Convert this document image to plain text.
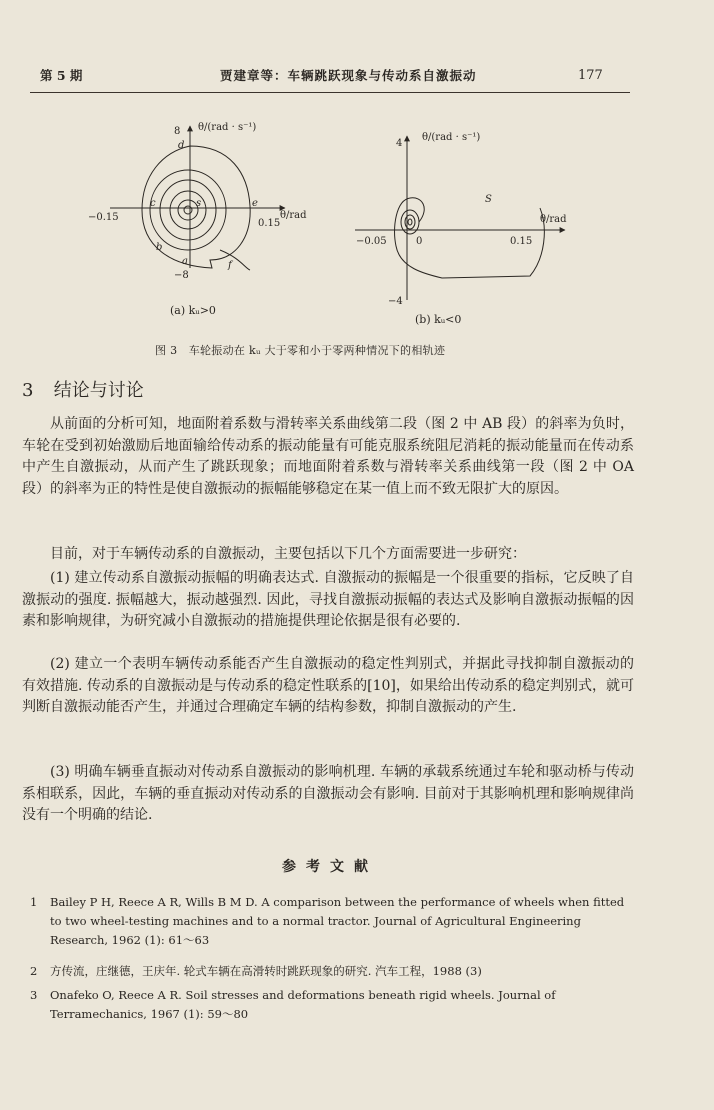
第 5 期	贾建章等：车辆跳跃现象与传动系自激振动	177
θ/(rad · s⁻¹)
θ/rad
8
−8
−0.15
0.15
d
c	s	e
b
a	f
θ/(rad · s⁻¹)
θ/rad
4
−4
−0.05	0	0.15
S
(a) kᵤ>0
(b) kᵤ<0
图 3　车轮振动在 kᵤ 大于零和小于零两种情况下的相轨迹
3 结论与讨论

从前面的分析可知，地面附着系数与滑转率关系曲线第二段（图 2 中 AB 段）的斜率为负时，车轮在受到初始激励后地面输给传动系的振动能量有可能克服系统阻尼消耗的振动能量而在传动系中产生自激振动，从而产生了跳跃现象；而地面附着系数与滑转率关系曲线第一段（图 2 中 OA 段）的斜率为正的特性是使自激振动的振幅能够稳定在某一值上而不致无限扩大的原因。

目前，对于车辆传动系的自激振动，主要包括以下几个方面需要进一步研究：

(1) 建立传动系自激振动振幅的明确表达式. 自激振动的振幅是一个很重要的指标，它反映了自激振动的强度. 振幅越大，振动越强烈. 因此，寻找自激振动振幅的表达式及影响自激振动振幅的因素和影响规律，为研究减小自激振动的措施提供理论依据是很有必要的.

(2) 建立一个表明车辆传动系能否产生自激振动的稳定性判别式，并据此寻找抑制自激振动的有效措施. 传动系的自激振动是与传动系的稳定性联系的[10]，如果给出传动系的稳定判别式，就可判断自激振动能否产生，并通过合理确定车辆的结构参数，抑制自激振动的产生.

(3) 明确车辆垂直振动对传动系自激振动的影响机理. 车辆的承载系统通过车轮和驱动桥与传动系相联系，因此，车辆的垂直振动对传动系的自激振动会有影响. 目前对于其影响机理和影响规律尚没有一个明确的结论.

参考文献
1	Bailey P H, Reece A R, Wills B M D. A comparison between the performance of wheels when fitted to two wheel-testing machines and to a normal tractor. Journal of Agricultural Engineering Research, 1962 (1): 61～63
2	方传流，庄继德，王庆年. 轮式车辆在高滑转时跳跃现象的研究. 汽车工程，1988 (3)
3	Onafeko O, Reece A R. Soil stresses and deformations beneath rigid wheels. Journal of Terramechanics, 1967 (1): 59～80
